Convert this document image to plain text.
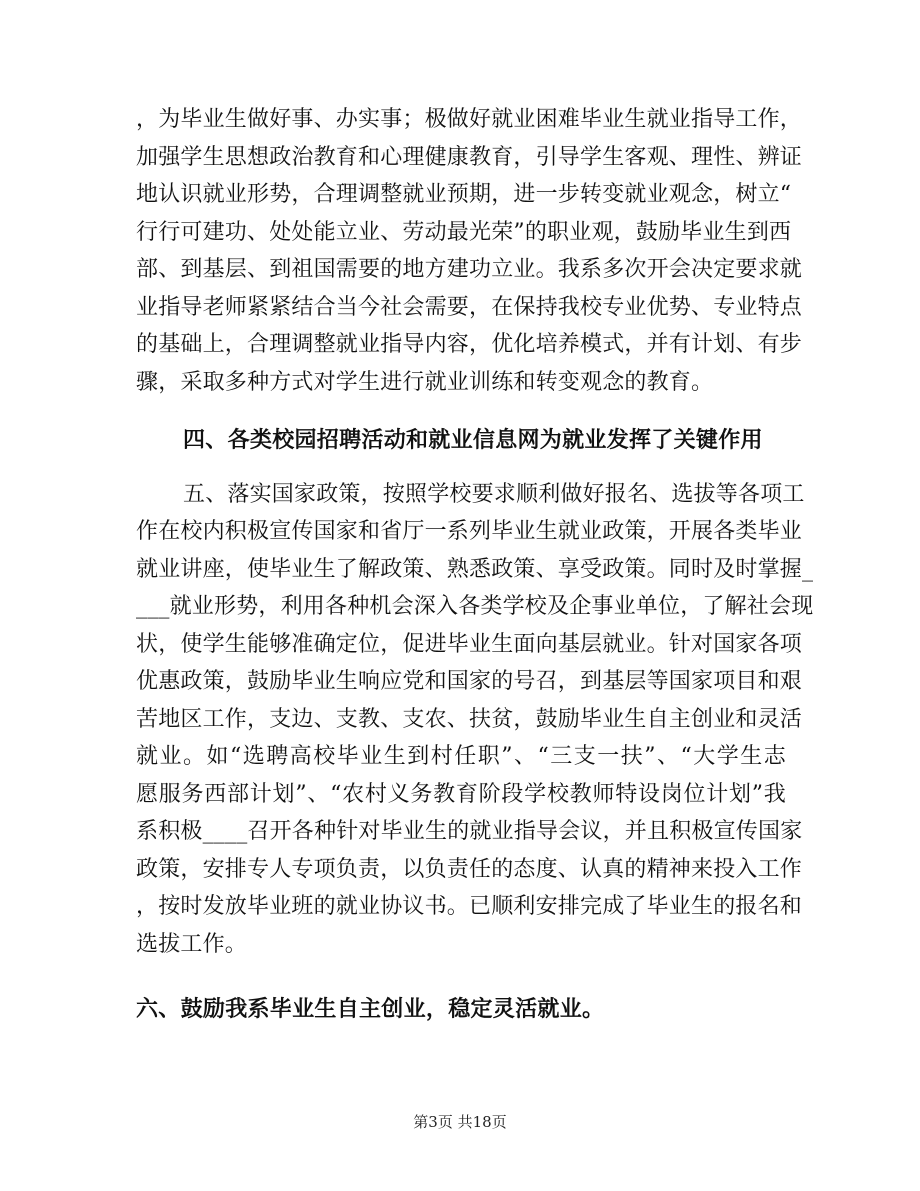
，为毕业生做好事、办实事；极做好就业困难毕业生就业指导工作，
加强学生思想政治教育和心理健康教育，引导学生客观、理性、辨证
地认识就业形势，合理调整就业预期，进一步转变就业观念，树立“
行行可建功、处处能立业、劳动最光荣”的职业观，鼓励毕业生到西
部、到基层、到祖国需要的地方建功立业。我系多次开会决定要求就
业指导老师紧紧结合当今社会需要，在保持我校专业优势、专业特点
的基础上，合理调整就业指导内容，优化培养模式，并有计划、有步
骤，采取多种方式对学生进行就业训练和转变观念的教育。
四、各类校园招聘活动和就业信息网为就业发挥了关键作用
五、落实国家政策，按照学校要求顺利做好报名、选拔等各项工
作在校内积极宣传国家和省厅一系列毕业生就业政策，开展各类毕业
就业讲座，使毕业生了解政策、熟悉政策、享受政策。同时及时掌握_
___就业形势，利用各种机会深入各类学校及企事业单位，了解社会现
状，使学生能够准确定位，促进毕业生面向基层就业。针对国家各项
优惠政策，鼓励毕业生响应党和国家的号召，到基层等国家项目和艰
苦地区工作，支边、支教、支农、扶贫，鼓励毕业生自主创业和灵活
就业。如“选聘高校毕业生到村任职”、“三支一扶”、“大学生志
愿服务西部计划”、“农村义务教育阶段学校教师特设岗位计划”我
系积极____召开各种针对毕业生的就业指导会议，并且积极宣传国家
政策，安排专人专项负责，以负责任的态度、认真的精神来投入工作
，按时发放毕业班的就业协议书。已顺利安排完成了毕业生的报名和
选拔工作。
六、鼓励我系毕业生自主创业，稳定灵活就业。
第3页 共18页
